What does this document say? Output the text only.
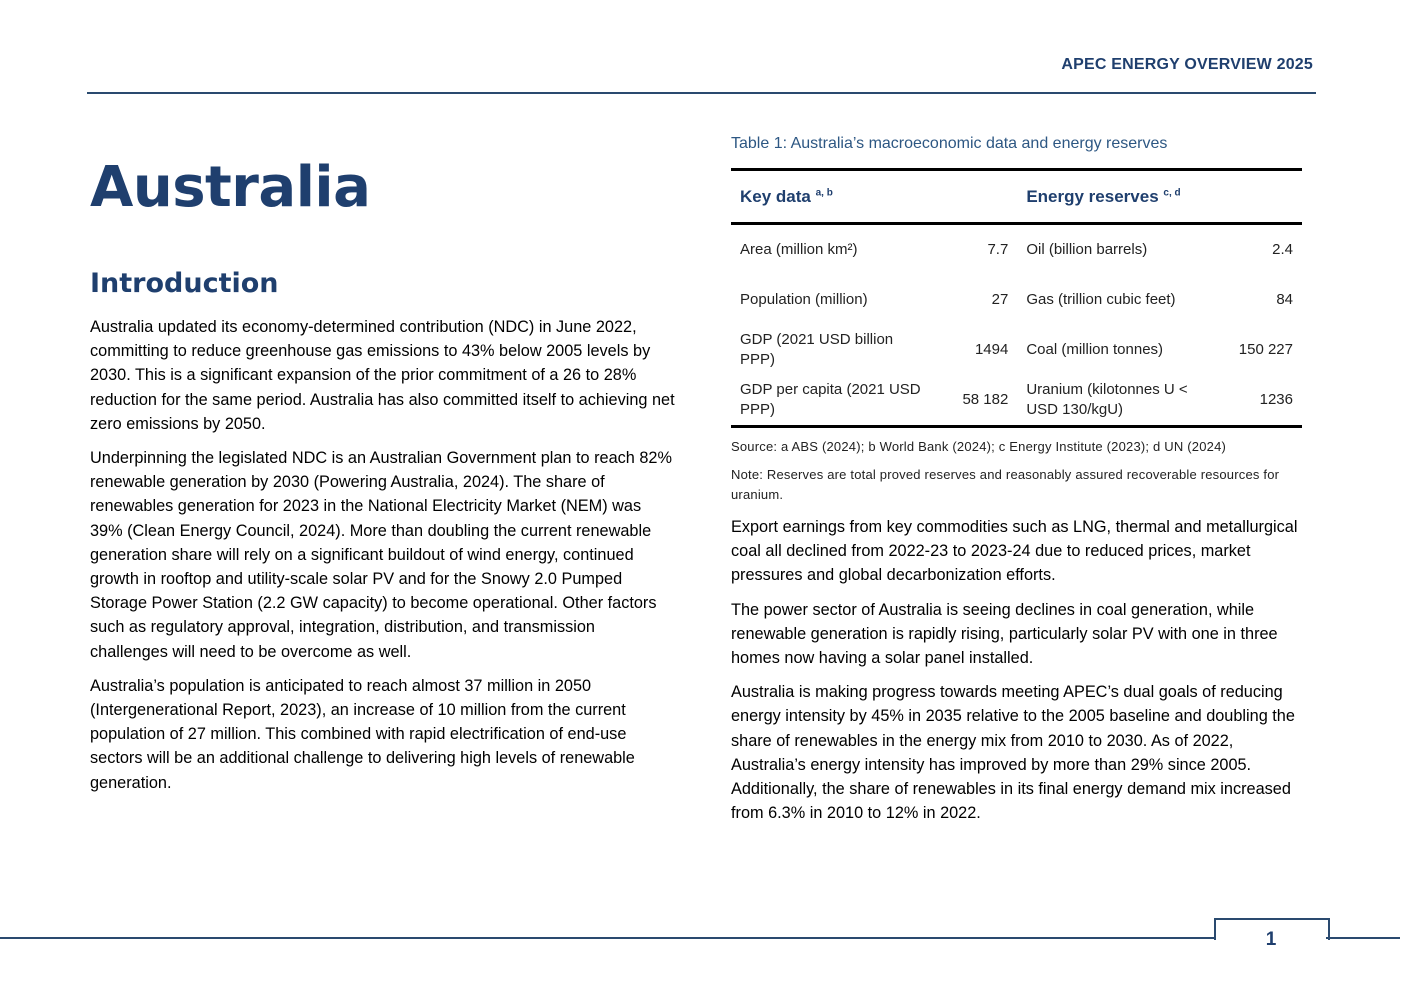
APEC ENERGY OVERVIEW 2025
Australia
Introduction

Australia updated its economy-determined contribution (NDC) in June 2022, committing to reduce greenhouse gas emissions to 43% below 2005 levels by 2030. This is a significant expansion of the prior commitment of a 26 to 28% reduction for the same period. Australia has also committed itself to achieving net zero emissions by 2050.

Underpinning the legislated NDC is an Australian Government plan to reach 82% renewable generation by 2030 (Powering Australia, 2024). The share of renewables generation for 2023 in the National Electricity Market (NEM) was 39% (Clean Energy Council, 2024). More than doubling the current renewable generation share will rely on a significant buildout of wind energy, continued growth in rooftop and utility-scale solar PV and for the Snowy 2.0 Pumped Storage Power Station (2.2 GW capacity) to become operational. Other factors such as regulatory approval, integration, distribution, and transmission challenges will need to be overcome as well.

Australia’s population is anticipated to reach almost 37 million in 2050 (Intergenerational Report, 2023), an increase of 10 million from the current population of 27 million. This combined with rapid electrification of end-use sectors will be an additional challenge to delivering high levels of renewable generation.

Table 1: Australia’s macroeconomic data and energy reserves
Key data $^{a, b}$		Energy reserves $^{c, d}$
Area (million km²)	7.7	Oil (billion barrels)	2.4
Population (million)	27	Gas (trillion cubic feet)	84
GDP (2021 USD billion PPP)	1494	Coal (million tonnes)	150 227
GDP per capita (2021 USD PPP)	58 182	Uranium (kilotonnes U < USD 130/kgU)	1236

Source: a ABS (2024); b World Bank (2024); c Energy Institute (2023); d UN (2024)

Note: Reserves are total proved reserves and reasonably assured recoverable resources for uranium.

Export earnings from key commodities such as LNG, thermal and metallurgical coal all declined from 2022-23 to 2023-24 due to reduced prices, market pressures and global decarbonization efforts.

The power sector of Australia is seeing declines in coal generation, while renewable generation is rapidly rising, particularly solar PV with one in three homes now having a solar panel installed.

Australia is making progress towards meeting APEC’s dual goals of reducing energy intensity by 45% in 2035 relative to the 2005 baseline and doubling the share of renewables in the energy mix from 2010 to 2030. As of 2022, Australia’s energy intensity has improved by more than 29% since 2005. Additionally, the share of renewables in its final energy demand mix increased from 6.3% in 2010 to 12% in 2022.

1
